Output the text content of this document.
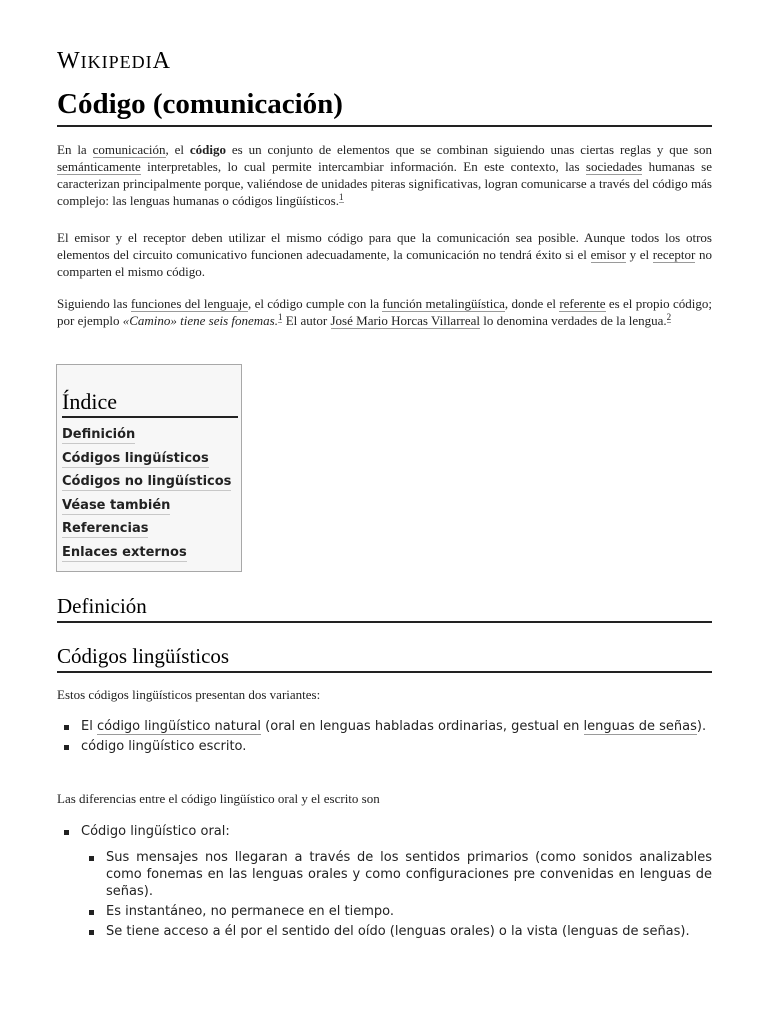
WIKIPEDIA
Código (comunicación)

En la comunicación, el código es un conjunto de elementos que se combinan siguiendo unas ciertas reglas y que son semánticamente interpretables, lo cual permite intercambiar información. En este contexto, las sociedades humanas se caracterizan principalmente porque, valiéndose de unidades piteras significativas, logran comunicarse a través del código más complejo: las lenguas humanas o códigos lingüísticos.$^1$

El emisor y el receptor deben utilizar el mismo código para que la comunicación sea posible. Aunque todos los otros elementos del circuito comunicativo funcionen adecuadamente, la comunicación no tendrá éxito si el emisor y el receptor no comparten el mismo código.

Siguiendo las funciones del lenguaje, el código cumple con la función metalingüística, donde el referente es el propio código; por ejemplo «Camino» tiene seis fonemas.$^1$ El autor José Mario Horcas Villarreal lo denomina verdades de la lengua.$^2$

Índice
Definición
Códigos lingüísticos
Códigos no lingüísticos
Véase también
Referencias
Enlaces externos
Definición
Códigos lingüísticos

Estos códigos lingüísticos presentan dos variantes:

El código lingüístico natural (oral en lenguas habladas ordinarias, gestual en lenguas de señas).
código lingüístico escrito.

Las diferencias entre el código lingüístico oral y el escrito son

Código lingüístico oral:
Sus mensajes nos llegaran a través de los sentidos primarios (como sonidos analizables como fonemas en las lenguas orales y como configuraciones pre convenidas en lenguas de señas).
Es instantáneo, no permanece en el tiempo.
Se tiene acceso a él por el sentido del oído (lenguas orales) o la vista (lenguas de señas).
